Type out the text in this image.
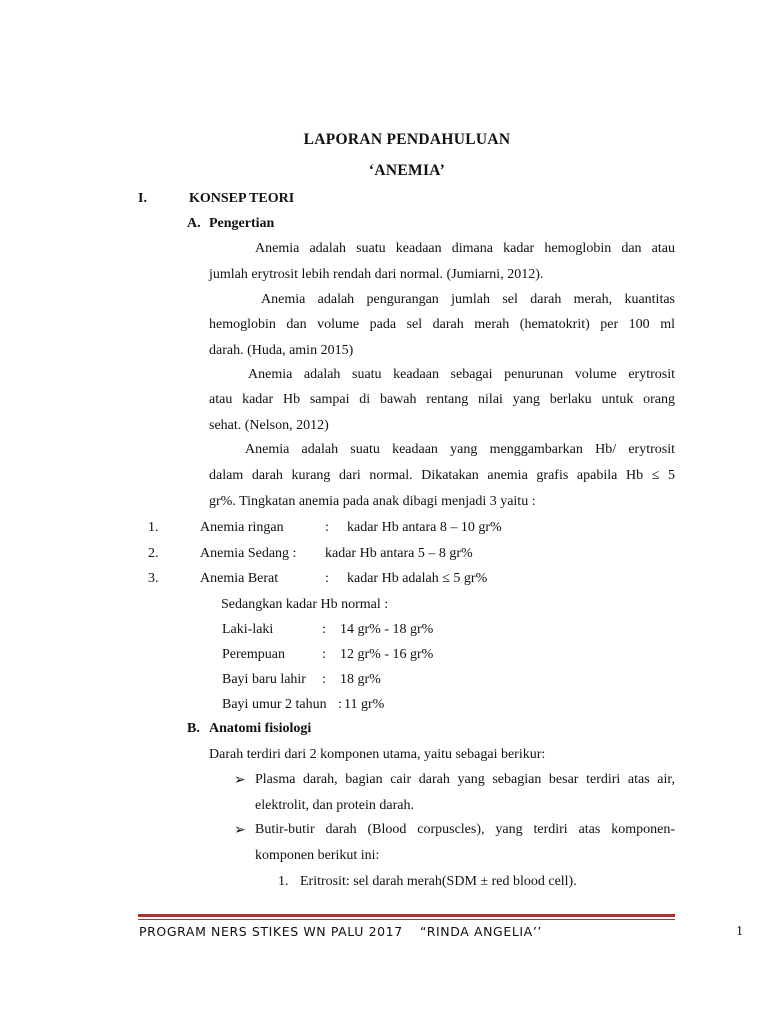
LAPORAN PENDAHULUAN
‘ANEMIA’
I.	KONSEP TEORI
A. Pengertian
Anemia adalah suatu keadaan dimana kadar hemoglobin dan atau
jumlah erytrosit lebih rendah dari normal. (Jumiarni, 2012).
Anemia adalah pengurangan jumlah sel darah merah, kuantitas
hemoglobin dan volume pada sel darah merah (hematokrit) per 100 ml
darah. (Huda, amin 2015)
Anemia adalah suatu keadaan sebagai penurunan volume erytrosit
atau kadar Hb sampai di bawah rentang nilai yang berlaku untuk orang
sehat. (Nelson, 2012)
Anemia adalah suatu keadaan yang menggambarkan Hb/ erytrosit
dalam darah kurang dari normal. Dikatakan anemia grafis apabila Hb ≤ 5
gr%. Tingkatan anemia pada anak dibagi menjadi 3 yaitu :
1.	Anemia ringan	: kadar Hb antara 8 – 10 gr%
2.	Anemia Sedang : kadar Hb antara 5 – 8 gr%
3.	Anemia Berat	: kadar Hb adalah ≤ 5 gr%
Sedangkan kadar Hb normal :
Laki-laki	: 14 gr% - 18 gr%
Perempuan	: 12 gr% - 16 gr%
Bayi baru lahir : 18 gr%
Bayi umur 2 tahun : 11 gr%
B. Anatomi fisiologi
Darah terdiri dari 2 komponen utama, yaitu sebagai berikur:
➢ Plasma darah, bagian cair darah yang sebagian besar terdiri atas air,
elektrolit, dan protein darah.
➢ Butir-butir darah (Blood corpuscles), yang terdiri atas komponen-
komponen berikut ini:
1. Eritrosit: sel darah merah(SDM ± red blood cell).
PROGRAM NERS STIKES WN PALU 2017 “RINDA ANGELIA’’	1
